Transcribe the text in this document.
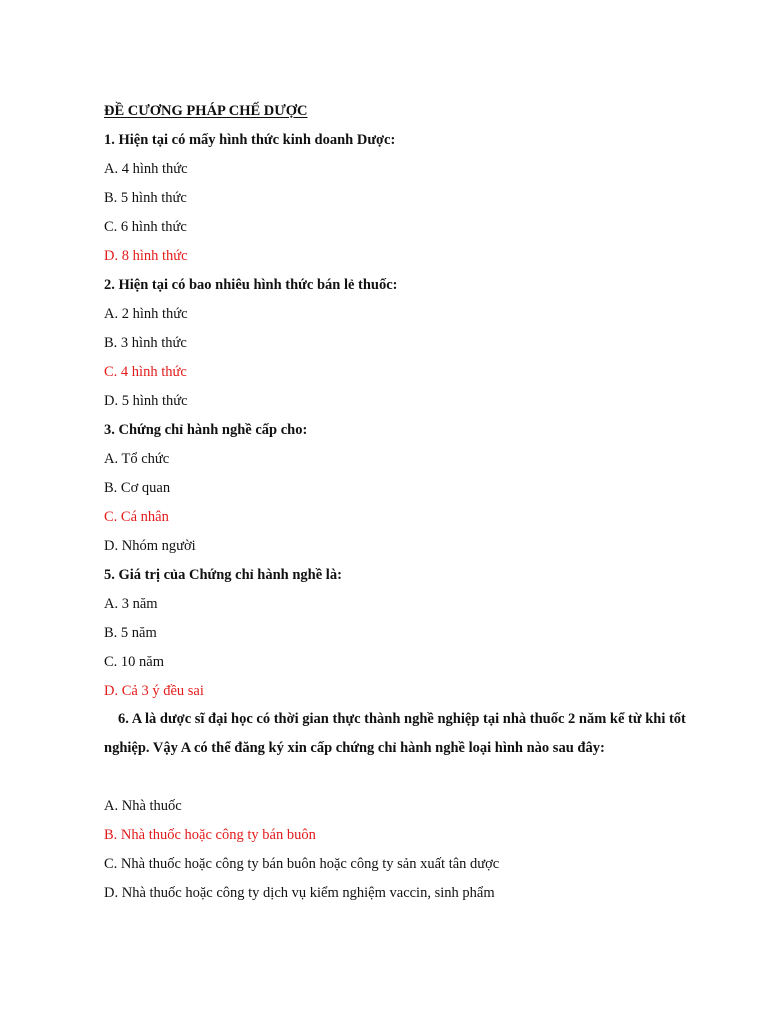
ĐỀ CƯƠNG PHÁP CHẾ DƯỢC
1. Hiện tại có mấy hình thức kinh doanh Dược:
A. 4 hình thức
B. 5 hình thức
C. 6 hình thức
D. 8 hình thức
2. Hiện tại có bao nhiêu hình thức bán lẻ thuốc:
A. 2 hình thức
B. 3 hình thức
C. 4 hình thức
D. 5 hình thức
3. Chứng chỉ hành nghề cấp cho:
A. Tổ chức
B. Cơ quan
C. Cá nhân
D. Nhóm người
5. Giá trị của Chứng chỉ hành nghề là:
A. 3 năm
B. 5 năm
C. 10 năm
D. Cả 3 ý đều sai
6. A là dược sĩ đại học có thời gian thực thành nghề nghiệp tại nhà thuốc 2 năm kể từ khi tốt nghiệp. Vậy A có thể đăng ký xin cấp chứng chỉ hành nghề loại hình nào sau đây:
A. Nhà thuốc
B. Nhà thuốc hoặc công ty bán buôn
C. Nhà thuốc hoặc công ty bán buôn hoặc công ty sản xuất tân dược
D. Nhà thuốc hoặc công ty dịch vụ kiểm nghiệm vaccin, sinh phẩm
